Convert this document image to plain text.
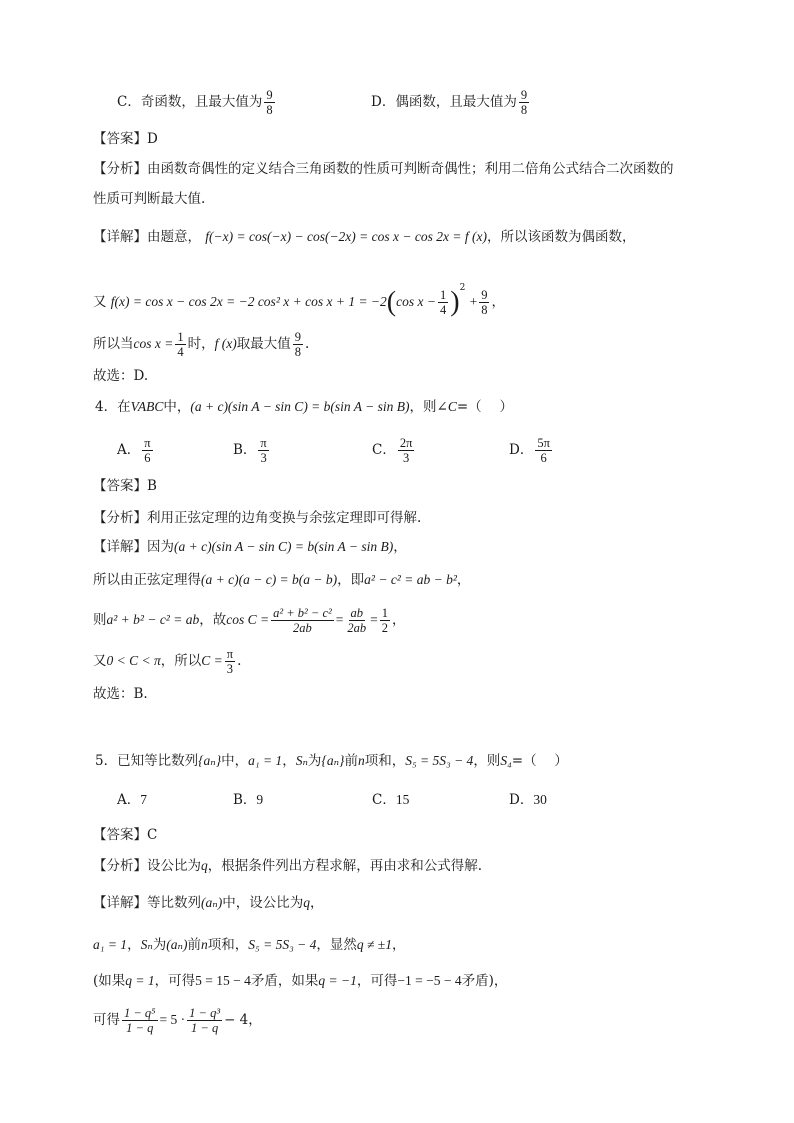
C．奇函数，且最大值为 $\frac{9}{8}$	D．偶函数，且最大值为 $\frac{9}{8}$
【答案】D
【分析】由函数奇偶性的定义结合三角函数的性质可判断奇偶性；利用二倍角公式结合二次函数的
性质可判断最大值.
【详解】由题意， f(−x) = cos(−x) − cos(−2x) = cos x − cos 2x = f (x)，所以该函数为偶函数，
又 f(x) = cos x − cos 2x = −2 cos² x + cos x + 1 = −2(cos $x - \frac{1}{4} )^2 + \frac{9}{8}$ ，
所以当$\cos x = \frac{1}{4}$ 时，f (x)取最大值 $\frac{9}{8}$ .
故选：D.
4．在VABC中，(a + c)(sin A − sin C) = b(sin A − sin B)，则∠C=（　 ）
A． $\frac{\pi}{6}$	B． $\frac{\pi}{3}$	C． $\frac{2\pi}{3}$	D． $\frac{5\pi}{6}$
【答案】B
【分析】利用正弦定理的边角变换与余弦定理即可得解.
【详解】因为(a + c)(sin A − sin C) = b(sin A − sin B)，
所以由正弦定理得(a + c)(a − c) = b(a − b)，即a² − c² = ab − b²，
则a² + b² − c² = ab，故$\cos C = \frac{\text{a² + b² − c²}}{2ab} = \frac{ab}{2ab} = \frac{1}{2}$ ，
又0 < C < π，所以$C = \frac{\pi}{3}$ .
故选：B.
5．已知等比数列{aₙ}中，a₁ = 1，Sₙ为{aₙ}前n项和，S₅ = 5S₃ − 4，则S₄=（　 ）
A．7	B．9	C．15	D．30
【答案】C
【分析】设公比为q，根据条件列出方程求解，再由求和公式得解.
【详解】等比数列(aₙ)中，设公比为q，
a₁ = 1，Sₙ为(aₙ)前n项和，S₅ = 5S₃ − 4，显然q ≠ ±1，
(如果q = 1，可得5 = 15 − 4矛盾，如果q = −1，可得−1 = −5 − 4矛盾)，
可得 $\frac{\text{1 − q⁵}}{1 - q} = 5 \cdot \frac{\text{1 − q³}}{1 - q} - 4$，
